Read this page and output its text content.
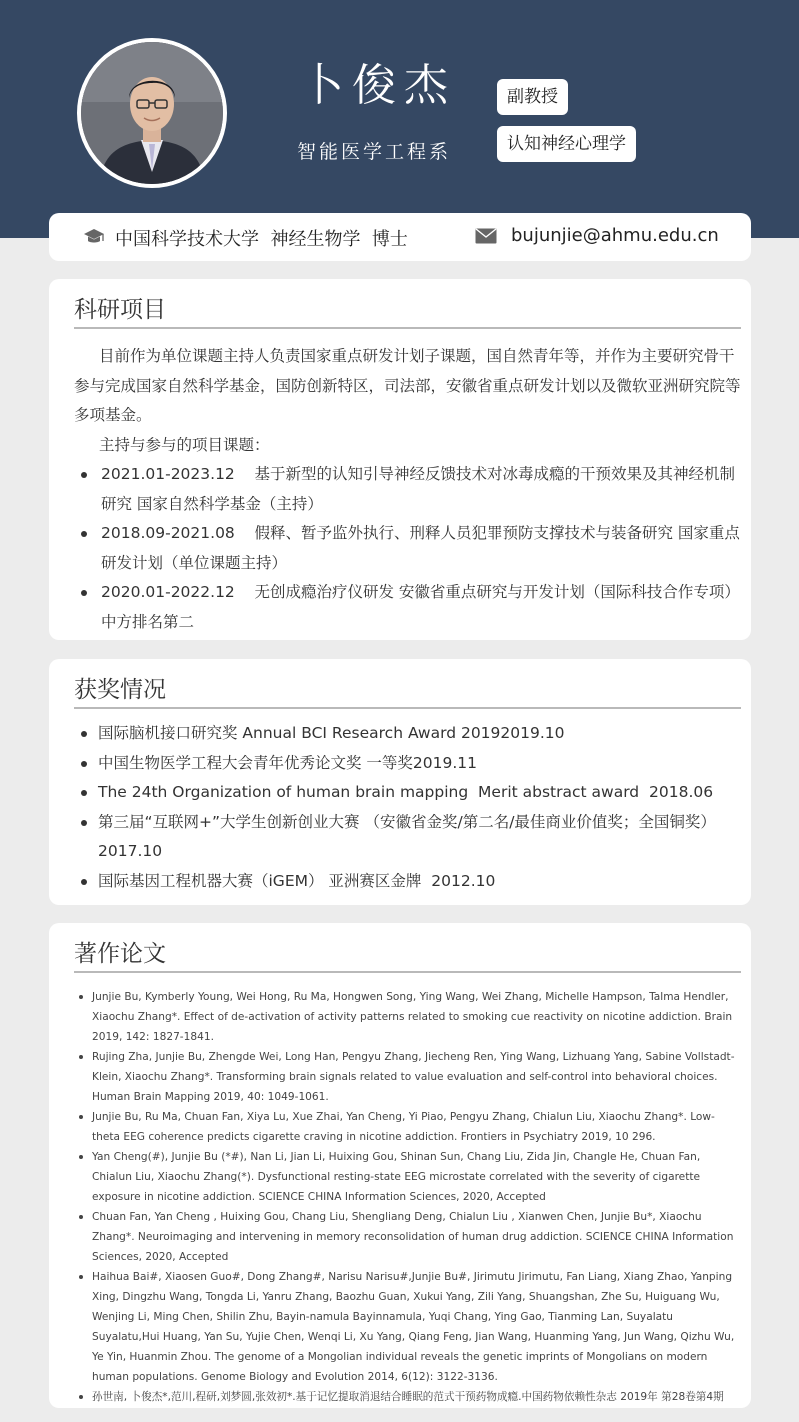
卜俊杰
智能医学工程系
副教授
认知神经心理学
中国科学技术大学  神经生物学  博士	bujunjie@ahmu.edu.cn
科研项目

目前作为单位课题主持人负责国家重点研发计划子课题，国自然青年等，并作为主要研究骨干参与完成国家自然科学基金，国防创新特区，司法部，安徽省重点研发计划以及微软亚洲研究院等多项基金。

主持与参与的项目课题：

2021.01-2023.12    基于新型的认知引导神经反馈技术对冰毒成瘾的干预效果及其神经机制研究 国家自然科学基金（主持）
2018.09-2021.08    假释、暂予监外执行、刑释人员犯罪预防支撑技术与装备研究 国家重点研发计划（单位课题主持）
2020.01-2022.12    无创成瘾治疗仪研发 安徽省重点研究与开发计划（国际科技合作专项） 中方排名第二
获奖情况
国际脑机接口研究奖 Annual BCI Research Award 20192019.10
中国生物医学工程大会青年优秀论文奖 一等奖2019.11
The 24th Organization of human brain mapping  Merit abstract award  2018.06
第三届“互联网+”大学生创新创业大赛 （安徽省金奖/第二名/最佳商业价值奖；全国铜奖） 2017.10
国际基因工程机器大赛（iGEM） 亚洲赛区金牌  2012.10
著作论文
Junjie Bu, Kymberly Young, Wei Hong, Ru Ma, Hongwen Song, Ying Wang, Wei Zhang, Michelle Hampson, Talma Hendler, Xiaochu Zhang*. Effect of de-activation of activity patterns related to smoking cue reactivity on nicotine addiction. Brain 2019, 142: 1827-1841.
Rujing Zha, Junjie Bu, Zhengde Wei, Long Han, Pengyu Zhang, Jiecheng Ren, Ying Wang, Lizhuang Yang, Sabine Vollstadt-Klein, Xiaochu Zhang*. Transforming brain signals related to value evaluation and self-control into behavioral choices. Human Brain Mapping 2019, 40: 1049-1061.
Junjie Bu, Ru Ma, Chuan Fan, Xiya Lu, Xue Zhai, Yan Cheng, Yi Piao, Pengyu Zhang, Chialun Liu, Xiaochu Zhang*. Low-theta EEG coherence predicts cigarette craving in nicotine addiction. Frontiers in Psychiatry 2019, 10 296.
Yan Cheng(#), Junjie Bu (*#), Nan Li, Jian Li, Huixing Gou, Shinan Sun, Chang Liu, Zida Jin, Changle He, Chuan Fan, Chialun Liu, Xiaochu Zhang(*). Dysfunctional resting-state EEG microstate correlated with the severity of cigarette exposure in nicotine addiction. SCIENCE CHINA Information Sciences, 2020, Accepted
Chuan Fan, Yan Cheng , Huixing Gou, Chang Liu, Shengliang Deng, Chialun Liu , Xianwen Chen, Junjie Bu*, Xiaochu Zhang*. Neuroimaging and intervening in memory reconsolidation of human drug addiction. SCIENCE CHINA Information Sciences, 2020, Accepted
Haihua Bai#, Xiaosen Guo#, Dong Zhang#, Narisu Narisu#,Junjie Bu#, Jirimutu Jirimutu, Fan Liang, Xiang Zhao, Yanping Xing, Dingzhu Wang, Tongda Li, Yanru Zhang, Baozhu Guan, Xukui Yang, Zili Yang, Shuangshan, Zhe Su, Huiguang Wu, Wenjing Li, Ming Chen, Shilin Zhu, Bayin-namula Bayinnamula, Yuqi Chang, Ying Gao, Tianming Lan, Suyalatu Suyalatu,Hui Huang, Yan Su, Yujie Chen, Wenqi Li, Xu Yang, Qiang Feng, Jian Wang, Huanming Yang, Jun Wang, Qizhu Wu, Ye Yin, Huanmin Zhou. The genome of a Mongolian individual reveals the genetic imprints of Mongolians on modern human populations. Genome Biology and Evolution 2014, 6(12): 3122-3136.
孙世南, 卜俊杰*,范川,程研,刘梦圆,张效初*.基于记忆提取消退结合睡眠的范式干预药物成瘾.中国药物依赖性杂志 2019年 第28卷第4期
